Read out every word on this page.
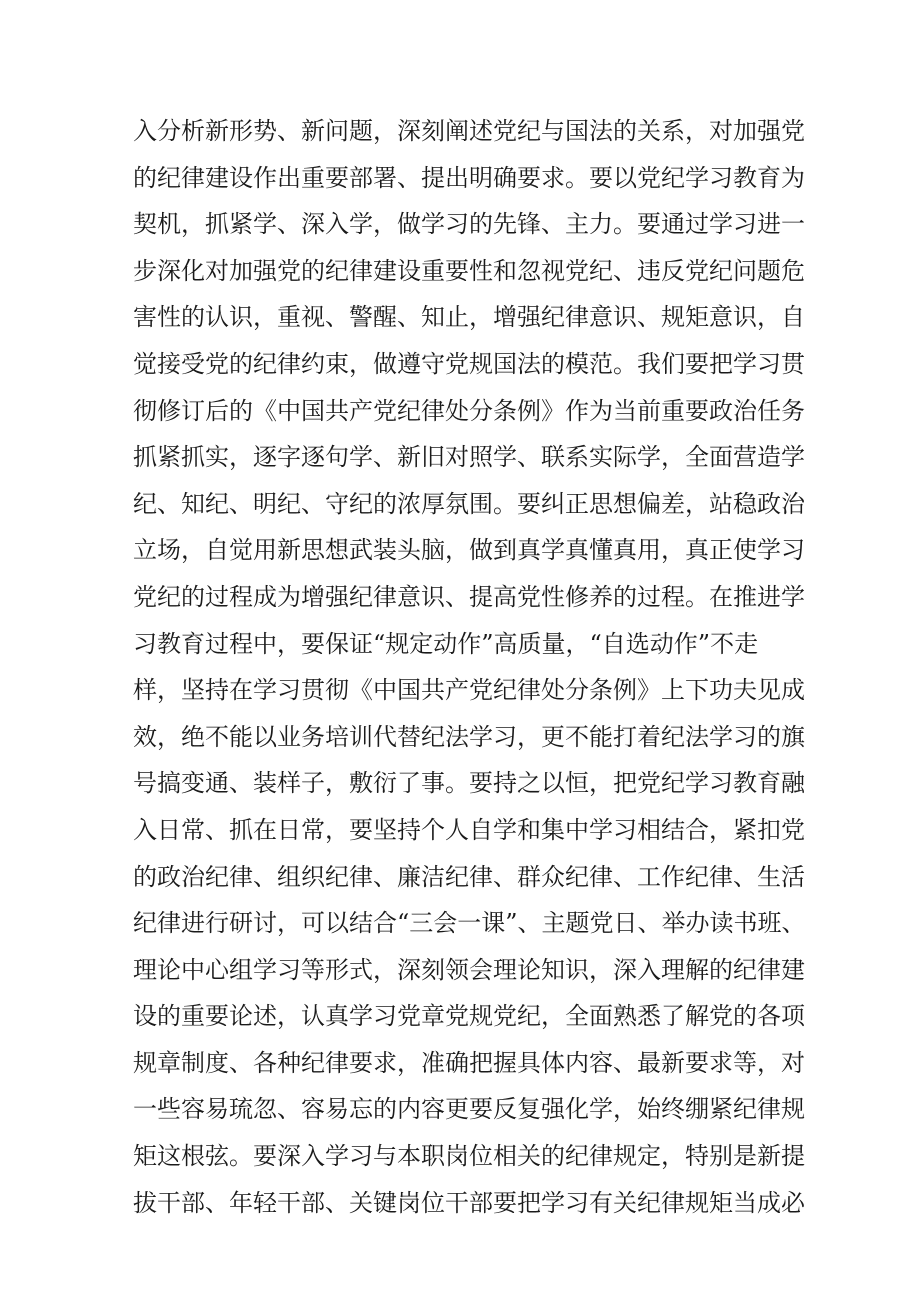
入分析新形势、新问题，深刻阐述党纪与国法的关系，对加强党
的纪律建设作出重要部署、提出明确要求。要以党纪学习教育为
契机，抓紧学、深入学，做学习的先锋、主力。要通过学习进一
步深化对加强党的纪律建设重要性和忽视党纪、违反党纪问题危
害性的认识，重视、警醒、知止，增强纪律意识、规矩意识，自
觉接受党的纪律约束，做遵守党规国法的模范。我们要把学习贯
彻修订后的《中国共产党纪律处分条例》作为当前重要政治任务
抓紧抓实，逐字逐句学、新旧对照学、联系实际学，全面营造学
纪、知纪、明纪、守纪的浓厚氛围。要纠正思想偏差，站稳政治
立场，自觉用新思想武装头脑，做到真学真懂真用，真正使学习
党纪的过程成为增强纪律意识、提高党性修养的过程。在推进学
习教育过程中，要保证“规定动作”高质量，“自选动作”不走
样，坚持在学习贯彻《中国共产党纪律处分条例》上下功夫见成
效，绝不能以业务培训代替纪法学习，更不能打着纪法学习的旗
号搞变通、装样子，敷衍了事。要持之以恒，把党纪学习教育融
入日常、抓在日常，要坚持个人自学和集中学习相结合，紧扣党
的政治纪律、组织纪律、廉洁纪律、群众纪律、工作纪律、生活
纪律进行研讨，可以结合“三会一课”、主题党日、举办读书班、
理论中心组学习等形式，深刻领会理论知识，深入理解的纪律建
设的重要论述，认真学习党章党规党纪，全面熟悉了解党的各项
规章制度、各种纪律要求，准确把握具体内容、最新要求等，对
一些容易琉忽、容易忘的内容更要反复强化学，始终绷紧纪律规
矩这根弦。要深入学习与本职岗位相关的纪律规定，特别是新提
拔干部、年轻干部、关键岗位干部要把学习有关纪律规矩当成必
